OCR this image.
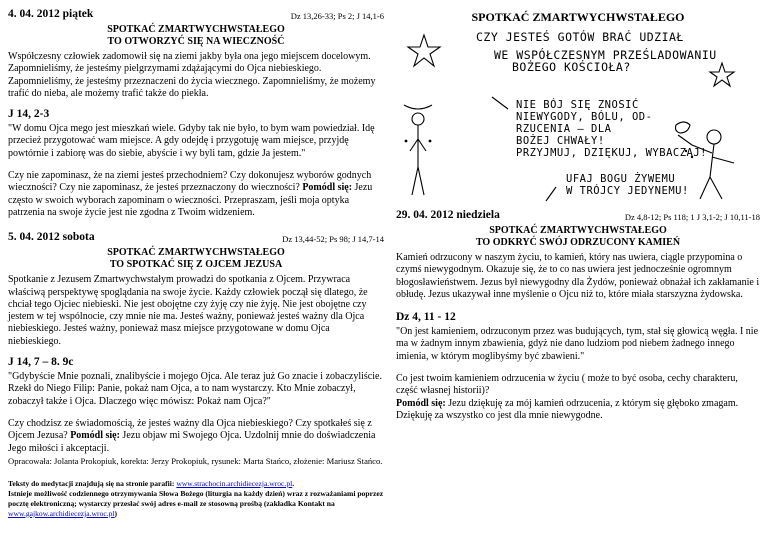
4. 04. 2012 piątek	Dz 13,26-33; Ps 2; J 14,1-6
SPOTKAĆ ZMARTWYCHWSTAŁEGO
TO OTWORZYĆ SIĘ NA WIECZNOŚĆ

Współczesny człowiek zadomowił się na ziemi jakby była ona jego miejscem docelowym. Zapomnieliśmy, że jesteśmy pielgrzymami zdążającymi do Ojca niebieskiego. Zapomnieliśmy, że jesteśmy przeznaczeni do życia wiecznego. Zapomnieliśmy, że możemy trafić do nieba, ale możemy trafić także do piekła.

J 14, 2-3

"W domu Ojca mego jest mieszkań wiele. Gdyby tak nie było, to bym wam powiedział. Idę przecież przygotować wam miejsce. A gdy odejdę i przygotuję wam miejsce, przyjdę powtórnie i zabiorę was do siebie, abyście i wy byli tam, gdzie Ja jestem."

Czy nie zapominasz, że na ziemi jesteś przechodniem? Czy dokonujesz wyborów godnych wieczności? Czy nie zapominasz, że jesteś przeznaczony do wieczności? Pomódl się: Jezu często w swoich wyborach zapominam o wieczności. Przepraszam, jeśli moja optyka patrzenia na swoje życie jest nie zgodna z Twoim widzeniem.

5. 04. 2012 sobota	Dz 13,44-52; Ps 98; J 14,7-14
SPOTKAĆ ZMARTWYCHWSTAŁEGO
TO SPOTKAĆ SIĘ Z OJCEM JEZUSA

Spotkanie z Jezusem Zmartwychwstałym prowadzi do spotkania z Ojcem. Przywraca właściwą perspektywę spoglądania na swoje życie. Każdy człowiek począł się dlatego, że chciał tego Ojciec niebieski. Nie jest obojętne czy żyję czy nie żyję. Nie jest obojętne czy jestem w tej wspólnocie, czy mnie nie ma. Jesteś ważny, ponieważ jesteś ważny dla Ojca niebieskiego. Jesteś ważny, ponieważ masz miejsce przygotowane w domu Ojca niebieskiego.

J 14, 7 – 8. 9c

"Gdybyście Mnie poznali, znalibyście i mojego Ojca. Ale teraz już Go znacie i zobaczyliście. Rzekł do Niego Filip: Panie, pokaż nam Ojca, a to nam wystarczy. Kto Mnie zobaczył, zobaczył także i Ojca. Dlaczego więc mówisz: Pokaż nam Ojca?"

Czy chodzisz ze świadomością, że jesteś ważny dla Ojca niebieskiego? Czy spotkałeś się z Ojcem Jezusa? Pomódl się: Jezu objaw mi Swojego Ojca. Uzdolnij mnie do doświadczenia Jego miłości i akceptacji.

Opracowała: Jolanta Prokopiuk, korekta: Jerzy Prokopiuk, rysunek: Marta Stańco, złożenie: Mariusz Stańco.

Teksty do medytacji znajdują się na stronie parafii: www.strachocin.archidiecezja.wroc.pl.
Istnieje możliwość codziennego otrzymywania Słowa Bożego (liturgia na każdy dzień) wraz z rozważaniami poprzez pocztę elektroniczną; wystarczy przesłać swój adres e-mail ze stosowną prośbą (zakładka Kontakt na www.gajkow.archidiecezja.wroc.pl)

SPOTKAĆ ZMARTWYCHWSTAŁEGO
CZY JESTEŚ GOTÓW BRAĆ UDZIAŁ
WE WSPÓŁCZESNYM PRZEŚLADOWANIU
BOŻEGO KOŚCIOŁA?
NIE BÓJ SIĘ ZNOSIĆ
NIEWYGODY, BÓLU, OD-
RZUCENIA — DLA
BOŻEJ CHWAŁY!
PRZYJMUJ, DZIĘKUJ, WYBACZAJ!
UFAJ BOGU ŻYWEMU
W TRÓJCY JEDYNEMU!
29. 04. 2012 niedziela	Dz 4,8-12; Ps 118; 1 J 3,1-2; J 10,11-18
SPOTKAĆ ZMARTWYCHWSTAŁEGO
TO ODKRYĆ SWÓJ ODRZUCONY KAMIEŃ

Kamień odrzucony w naszym życiu, to kamień, który nas uwiera, ciągle przypomina o czymś niewygodnym. Okazuje się, że to co nas uwiera jest jednocześnie ogromnym błogosławieństwem. Jezus był niewygodny dla Żydów, ponieważ obnażał ich zakłamanie i obłudę. Jezus ukazywał inne myślenie o Ojcu niż to, które miała starszyzna żydowska.

Dz 4, 11 - 12

"On jest kamieniem, odrzuconym przez was budujących, tym, stał się głowicą węgła. I nie ma w żadnym innym zbawienia, gdyż nie dano ludziom pod niebem żadnego innego imienia, w którym moglibyśmy być zbawieni."

Co jest twoim kamieniem odrzucenia w życiu ( może to być osoba, cechy charakteru, część własnej historii)?
Pomódl się: Jezu dziękuję za mój kamień odrzucenia, z którym się głęboko zmagam. Dziękuję za wszystko co jest dla mnie niewygodne.
